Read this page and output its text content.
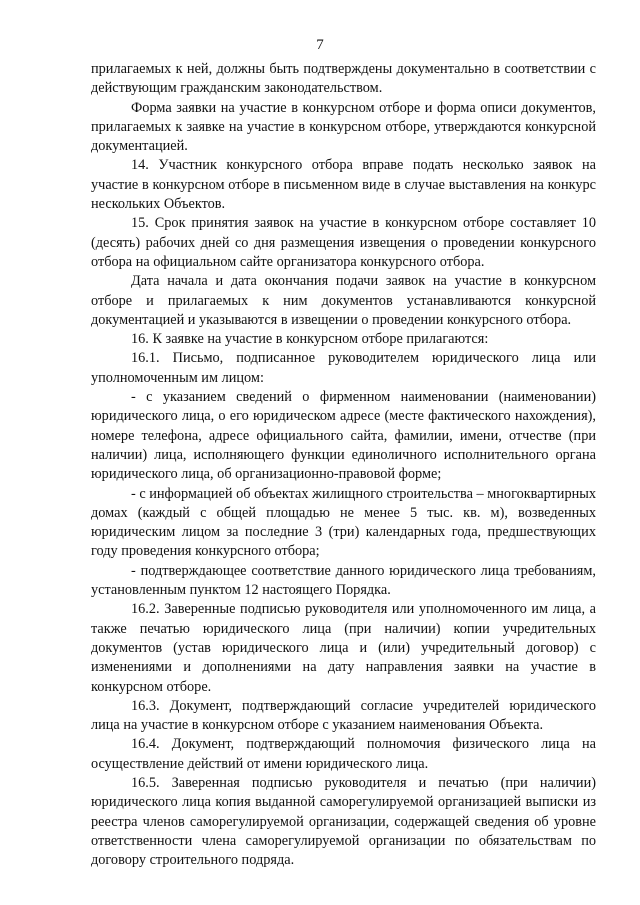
7

прилагаемых к ней, должны быть подтверждены документально в соответствии с действующим гражданским законодательством.

Форма заявки на участие в конкурсном отборе и форма описи документов, прилагаемых к заявке на участие в конкурсном отборе, утверждаются конкурсной документацией.

14. Участник конкурсного отбора вправе подать несколько заявок на участие в конкурсном отборе в письменном виде в случае выставления на конкурс нескольких Объектов.

15. Срок принятия заявок на участие в конкурсном отборе составляет 10 (десять) рабочих дней со дня размещения извещения о проведении конкурсного отбора на официальном сайте организатора конкурсного отбора.

Дата начала и дата окончания подачи заявок на участие в конкурсном отборе и прилагаемых к ним документов устанавливаются конкурсной документацией и указываются в извещении о проведении конкурсного отбора.

16. К заявке на участие в конкурсном отборе прилагаются:

16.1. Письмо, подписанное руководителем юридического лица или уполномоченным им лицом:

- с указанием сведений о фирменном наименовании (наименовании) юридического лица, о его юридическом адресе (месте фактического нахождения), номере телефона, адресе официального сайта, фамилии, имени, отчестве (при наличии) лица, исполняющего функции единоличного исполнительного органа юридического лица, об организационно-правовой форме;

- с информацией об объектах жилищного строительства – многоквартирных домах (каждый с общей площадью не менее 5 тыс. кв. м), возведенных юридическим лицом за последние 3 (три) календарных года, предшествующих году проведения конкурсного отбора;

- подтверждающее соответствие данного юридического лица требованиям, установленным пунктом 12 настоящего Порядка.

16.2. Заверенные подписью руководителя или уполномоченного им лица, а также печатью юридического лица (при наличии) копии учредительных документов (устав юридического лица и (или) учредительный договор) с изменениями и дополнениями на дату направления заявки на участие в конкурсном отборе.

16.3. Документ, подтверждающий согласие учредителей юридического лица на участие в конкурсном отборе с указанием наименования Объекта.

16.4. Документ, подтверждающий полномочия физического лица на осуществление действий от имени юридического лица.

16.5. Заверенная подписью руководителя и печатью (при наличии) юридического лица копия выданной саморегулируемой организацией выписки из реестра членов саморегулируемой организации, содержащей сведения об уровне ответственности члена саморегулируемой организации по обязательствам по договору строительного подряда.
